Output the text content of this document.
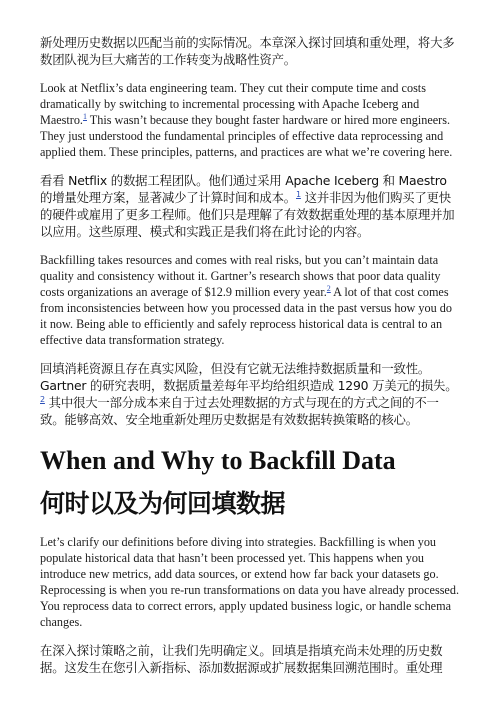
新处理历史数据以匹配当前的实际情况。本章深入探讨回填和重处理，将大多数团队视为巨大痛苦的工作转变为战略性资产。

Look at Netflix’s data engineering team. They cut their compute time and costs dramatically by switching to incremental processing with Apache Iceberg and Maestro.$^1$ This wasn’t because they bought faster hardware or hired more engineers. They just understood the fundamental principles of effective data reprocessing and applied them. These principles, patterns, and practices are what we’re covering here.

看看 Netflix 的数据工程团队。他们通过采用 Apache Iceberg 和 Maestro 的增量处理方案，显著减少了计算时间和成本。$^1$ 这并非因为他们购买了更快的硬件或雇用了更多工程师。他们只是理解了有效数据重处理的基本原理并加以应用。这些原理、模式和实践正是我们将在此讨论的内容。

Backfilling takes resources and comes with real risks, but you can’t maintain data quality and consistency without it. Gartner’s research shows that poor data quality costs organizations an average of $12.9 million every year.$^2$ A lot of that cost comes from inconsistencies between how you processed data in the past versus how you do it now. Being able to efficiently and safely reprocess historical data is central to an effective data transformation strategy.

回填消耗资源且存在真实风险，但没有它就无法维持数据质量和一致性。Gartner 的研究表明，数据质量差每年平均给组织造成 1290 万美元的损失。$^2$ 其中很大一部分成本来自于过去处理数据的方式与现在的方式之间的不一致。能够高效、安全地重新处理历史数据是有效数据转换策略的核心。

When and Why to Backfill Data
何时以及为何回填数据

Let’s clarify our definitions before diving into strategies. Backfilling is when you populate historical data that hasn’t been processed yet. This happens when you introduce new metrics, add data sources, or extend how far back your datasets go. Reprocessing is when you re-run transformations on data you have already processed. You reprocess data to correct errors, apply updated business logic, or handle schema changes.

在深入探讨策略之前，让我们先明确定义。回填是指填充尚未处理的历史数据。这发生在您引入新指标、添加数据源或扩展数据集回溯范围时。重处理
